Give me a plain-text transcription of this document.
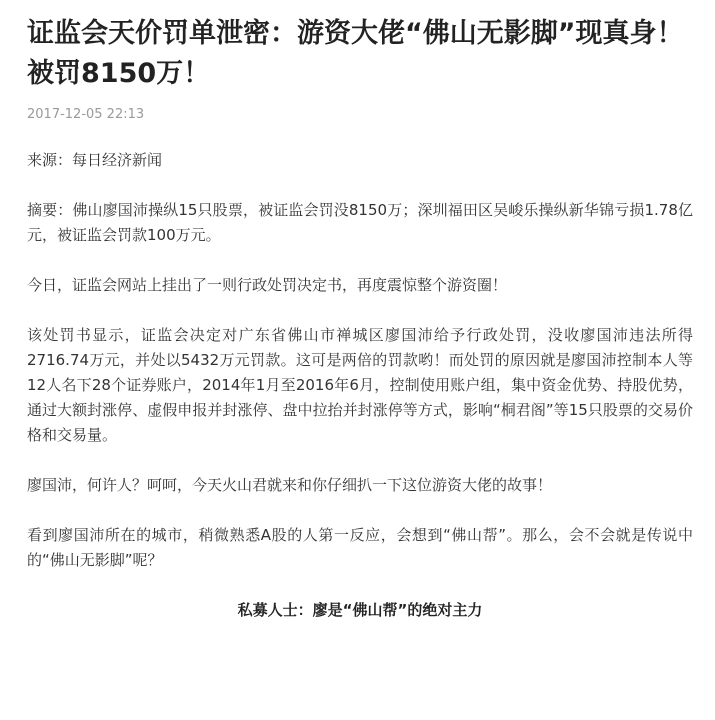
证监会天价罚单泄密：游资大佬“佛山无影脚”现真身！被罚8150万！
2017-12-05 22:13

来源：每日经济新闻

摘要：佛山廖国沛操纵15只股票，被证监会罚没8150万；深圳福田区吴峻乐操纵新华锦亏损1.78亿元，被证监会罚款100万元。

今日，证监会网站上挂出了一则行政处罚决定书，再度震惊整个游资圈！

该处罚书显示，证监会决定对广东省佛山市禅城区廖国沛给予行政处罚，没收廖国沛违法所得2716.74万元，并处以5432万元罚款。这可是两倍的罚款哟！而处罚的原因就是廖国沛控制本人等12人名下28个证券账户，2014年1月至2016年6月，控制使用账户组，集中资金优势、持股优势，通过大额封涨停、虚假申报并封涨停、盘中拉抬并封涨停等方式，影响“桐君阁”等15只股票的交易价格和交易量。

廖国沛，何许人？呵呵，今天火山君就来和你仔细扒一下这位游资大佬的故事！

看到廖国沛所在的城市，稍微熟悉A股的人第一反应，会想到“佛山帮”。那么，会不会就是传说中的“佛山无影脚”呢？

私募人士：廖是“佛山帮”的绝对主力
